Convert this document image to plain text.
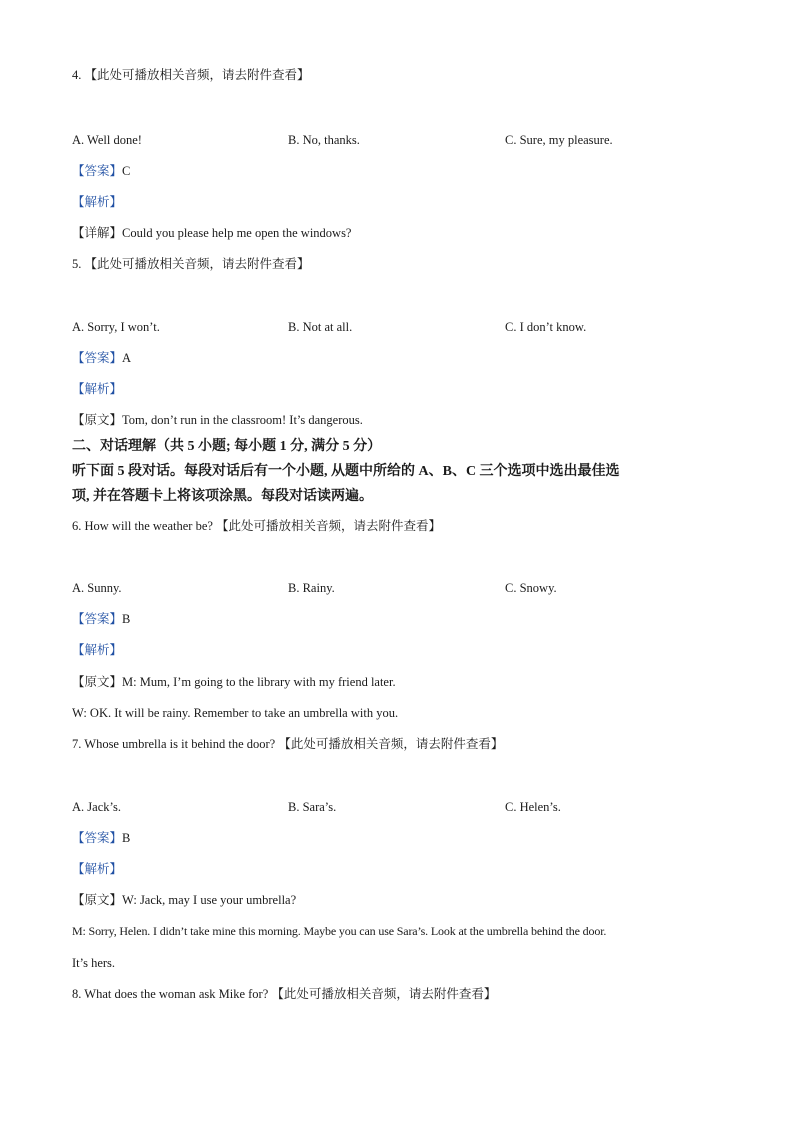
4. 【此处可播放相关音频，请去附件查看】
A. Well done!	B. No, thanks.	C. Sure, my pleasure.
【答案】C
【解析】
【详解】Could you please help me open the windows?
5. 【此处可播放相关音频，请去附件查看】
A. Sorry, I won’t.	B. Not at all.	C. I don’t know.
【答案】A
【解析】
【原文】Tom, don’t run in the classroom! It’s dangerous.
二、对话理解（共 5 小题; 每小题 1 分, 满分 5 分）
听下面 5 段对话。每段对话后有一个小题, 从题中所给的 A、B、C 三个选项中选出最佳选
项, 并在答题卡上将该项涂黑。每段对话读两遍。
6. How will the weather be? 【此处可播放相关音频，请去附件查看】
A. Sunny.	B. Rainy.	C. Snowy.
【答案】B
【解析】
【原文】M: Mum, I’m going to the library with my friend later.
W: OK. It will be rainy. Remember to take an umbrella with you.
7. Whose umbrella is it behind the door? 【此处可播放相关音频，请去附件查看】
A. Jack’s.	B. Sara’s.	C. Helen’s.
【答案】B
【解析】
【原文】W: Jack, may I use your umbrella?
M: Sorry, Helen. I didn’t take mine this morning. Maybe you can use Sara’s. Look at the umbrella behind the door.
It’s hers.
8. What does the woman ask Mike for? 【此处可播放相关音频，请去附件查看】
